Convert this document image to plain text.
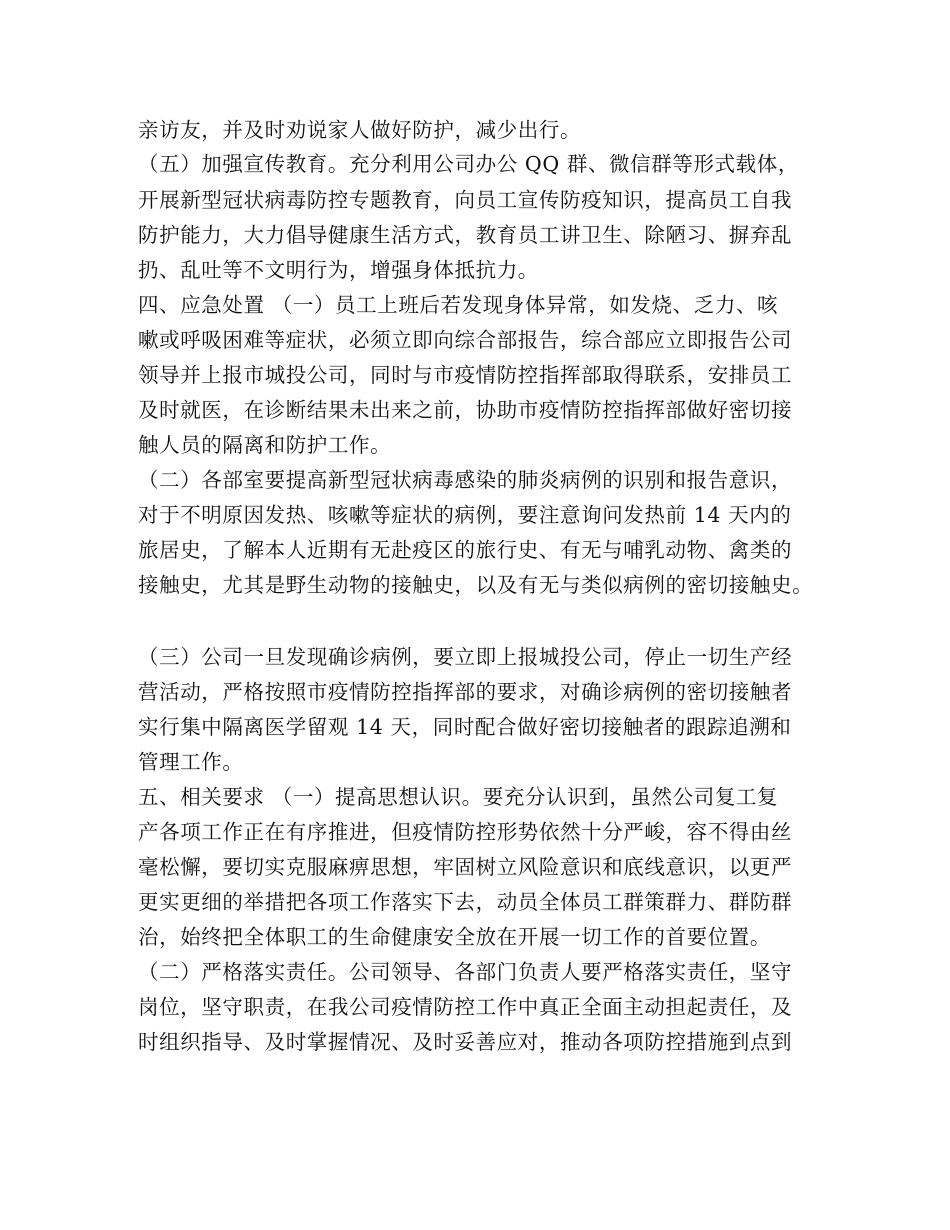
亲访友，并及时劝说家人做好防护，减少出行。
（五）加强宣传教育。充分利用公司办公 QQ 群、微信群等形式载体，
开展新型冠状病毒防控专题教育，向员工宣传防疫知识，提高员工自我
防护能力，大力倡导健康生活方式，教育员工讲卫生、除陋习、摒弃乱
扔、乱吐等不文明行为，增强身体抵抗力。
四、应急处置 （一）员工上班后若发现身体异常，如发烧、乏力、咳
嗽或呼吸困难等症状，必须立即向综合部报告，综合部应立即报告公司
领导并上报市城投公司，同时与市疫情防控指挥部取得联系，安排员工
及时就医，在诊断结果未出来之前，协助市疫情防控指挥部做好密切接
触人员的隔离和防护工作。
（二）各部室要提高新型冠状病毒感染的肺炎病例的识别和报告意识，
对于不明原因发热、咳嗽等症状的病例，要注意询问发热前 14 天内的
旅居史，了解本人近期有无赴疫区的旅行史、有无与哺乳动物、禽类的
接触史，尤其是野生动物的接触史，以及有无与类似病例的密切接触史。
（三）公司一旦发现确诊病例，要立即上报城投公司，停止一切生产经
营活动，严格按照市疫情防控指挥部的要求，对确诊病例的密切接触者
实行集中隔离医学留观 14 天，同时配合做好密切接触者的跟踪追溯和
管理工作。
五、相关要求 （一）提高思想认识。要充分认识到，虽然公司复工复
产各项工作正在有序推进，但疫情防控形势依然十分严峻，容不得由丝
毫松懈，要切实克服麻痹思想，牢固树立风险意识和底线意识，以更严
更实更细的举措把各项工作落实下去，动员全体员工群策群力、群防群
治，始终把全体职工的生命健康安全放在开展一切工作的首要位置。
（二）严格落实责任。公司领导、各部门负责人要严格落实责任，坚守
岗位，坚守职责，在我公司疫情防控工作中真正全面主动担起责任，及
时组织指导、及时掌握情况、及时妥善应对，推动各项防控措施到点到
